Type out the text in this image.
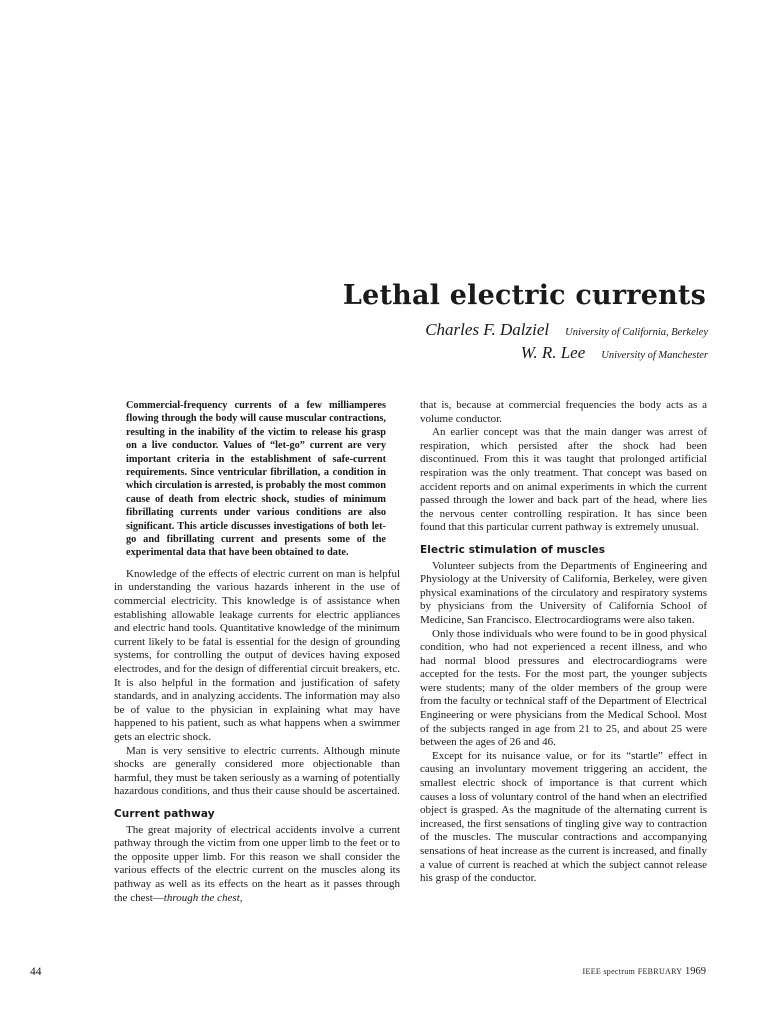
Lethal electric currents
Charles F. Dalziel University of California, Berkeley
W. R. Lee University of Manchester
Commercial-frequency currents of a few milliamperes flowing through the body will cause muscular contractions, resulting in the inability of the victim to release his grasp on a live conductor. Values of “let-go” current are very important criteria in the establishment of safe-current requirements. Since ventricular fibrillation, a condition in which circulation is arrested, is probably the most common cause of death from electric shock, studies of minimum fibrillating currents under various conditions are also significant. This article discusses investigations of both let-go and fibrillating current and presents some of the experimental data that have been obtained to date.

Knowledge of the effects of electric current on man is helpful in understanding the various hazards inherent in the use of commercial electricity. This knowledge is of assistance when establishing allowable leakage currents for electric appliances and electric hand tools. Quantitative knowledge of the minimum current likely to be fatal is essential for the design of grounding systems, for controlling the output of devices having exposed electrodes, and for the design of differential circuit breakers, etc. It is also helpful in the formation and justification of safety standards, and in analyzing accidents. The information may also be of value to the physician in explaining what may have happened to his patient, such as what happens when a swimmer gets an electric shock.

Man is very sensitive to electric currents. Although minute shocks are generally considered more objectionable than harmful, they must be taken seriously as a warning of potentially hazardous conditions, and thus their cause should be ascertained.

Current pathway

The great majority of electrical accidents involve a current pathway through the victim from one upper limb to the feet or to the opposite upper limb. For this reason we shall consider the various effects of the electric current on the muscles along its pathway as well as its effects on the heart as it passes through the chest—through the chest,

that is, because at commercial frequencies the body acts as a volume conductor.

An earlier concept was that the main danger was arrest of respiration, which persisted after the shock had been discontinued. From this it was taught that prolonged artificial respiration was the only treatment. That concept was based on accident reports and on animal experiments in which the current passed through the lower and back part of the head, where lies the nervous center controlling respiration. It has since been found that this particular current pathway is extremely unusual.

Electric stimulation of muscles

Volunteer subjects from the Departments of Engineering and Physiology at the University of California, Berkeley, were given physical examinations of the circulatory and respiratory systems by physicians from the University of California School of Medicine, San Francisco. Electrocardiograms were also taken.

Only those individuals who were found to be in good physical condition, who had not experienced a recent illness, and who had normal blood pressures and electrocardiograms were accepted for the tests. For the most part, the younger subjects were students; many of the older members of the group were from the faculty or technical staff of the Department of Electrical Engineering or were physicians from the Medical School. Most of the subjects ranged in age from 21 to 25, and about 25 were between the ages of 26 and 46.

Except for its nuisance value, or for its “startle” effect in causing an involuntary movement triggering an accident, the smallest electric shock of importance is that current which causes a loss of voluntary control of the hand when an electrified object is grasped. As the magnitude of the alternating current is increased, the first sensations of tingling give way to contraction of the muscles. The muscular contractions and accompanying sensations of heat increase as the current is increased, and finally a value of current is reached at which the subject cannot release his grasp of the conductor.

44	IEEE spectrum FEBRUARY 1969
